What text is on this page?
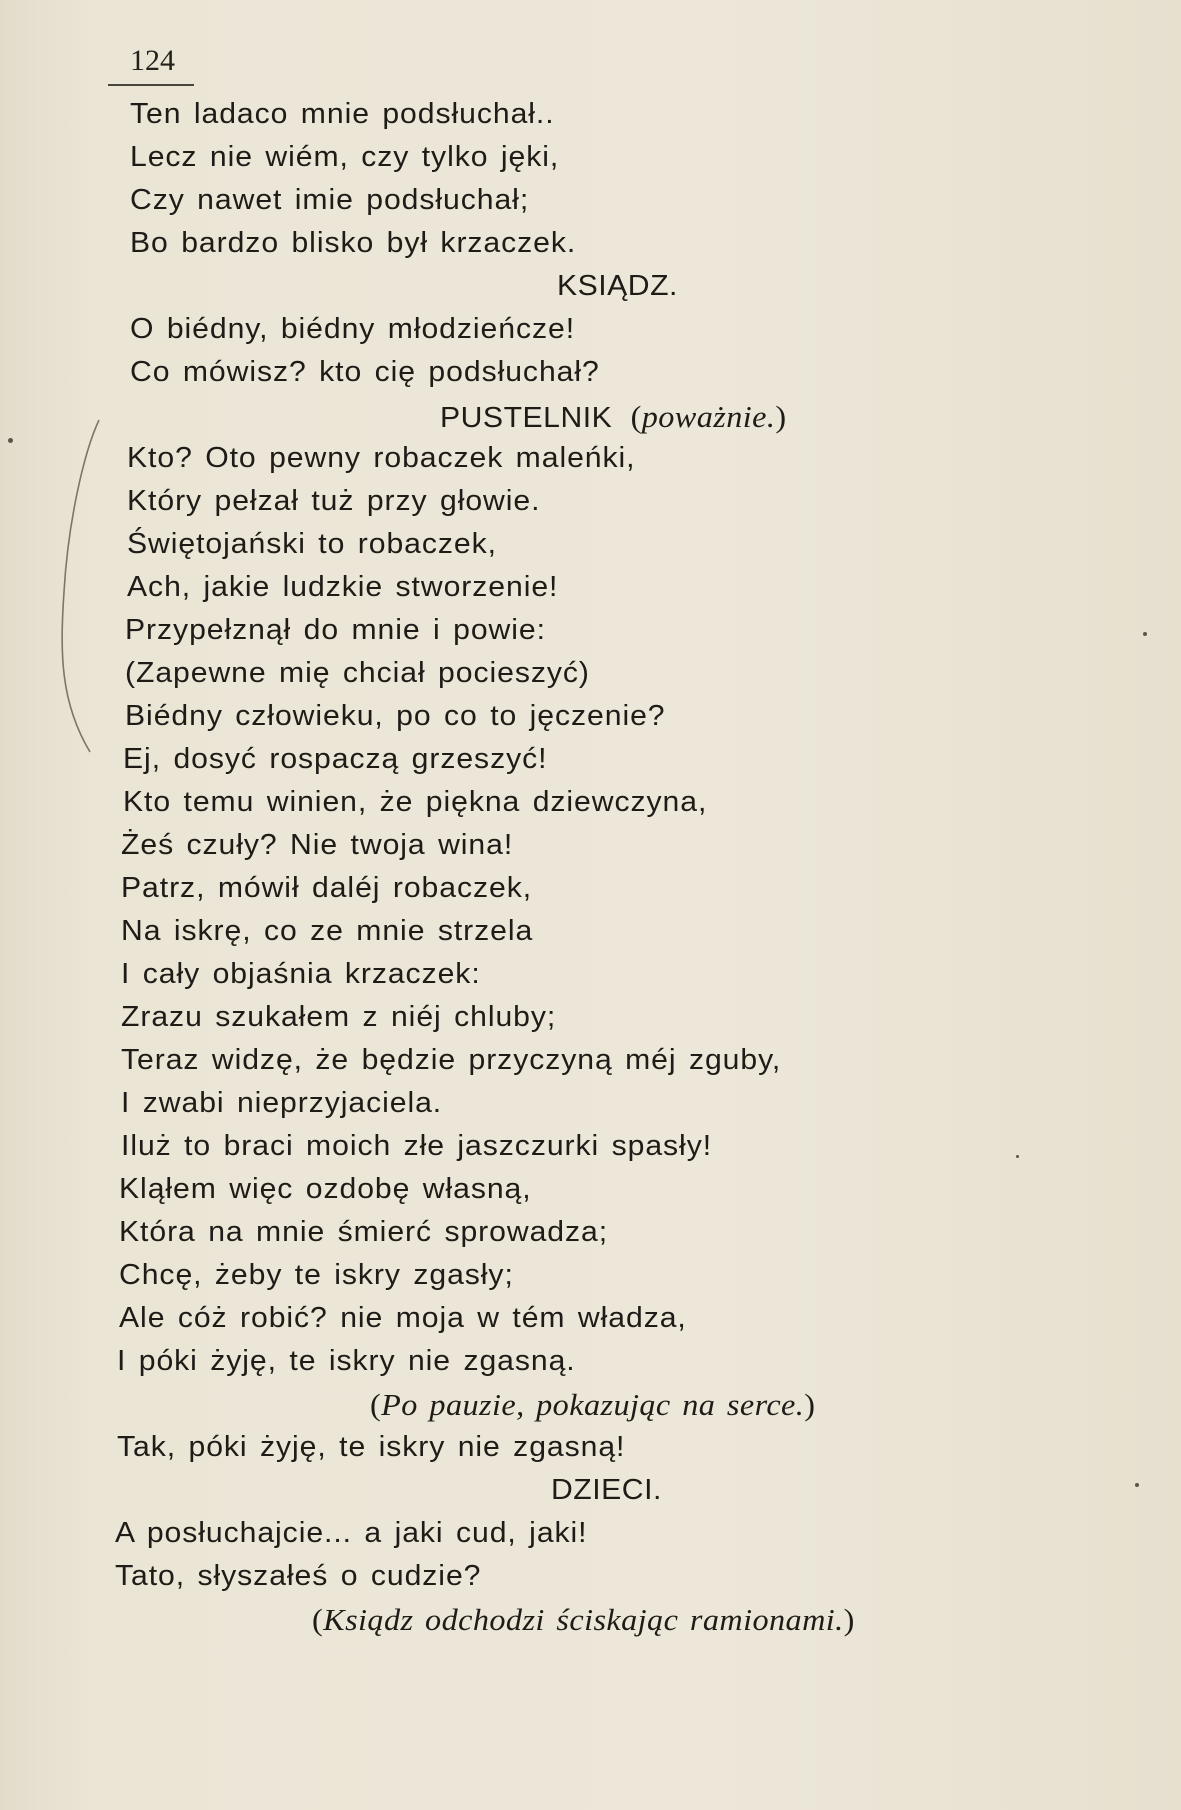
124
Ten ladaco mnie podsłuchał..
Lecz nie wiém, czy tylko jęki,
Czy nawet imie podsłuchał;
Bo bardzo blisko był krzaczek.
KSIĄDZ.
O biédny, biédny młodzieńcze!
Co mówisz? kto cię podsłuchał?
PUSTELNIK (poważnie.)
Kto? Oto pewny robaczek maleńki,
Który pełzał tuż przy głowie.
Świętojański to robaczek,
Ach, jakie ludzkie stworzenie!
Przypełznął do mnie i powie:
(Zapewne mię chciał pocieszyć)
Biédny człowieku, po co to jęczenie?
Ej, dosyć rospaczą grzeszyć!
Kto temu winien, że piękna dziewczyna,
Żeś czuły? Nie twoja wina!
Patrz, mówił daléj robaczek,
Na iskrę, co ze mnie strzela
I cały objaśnia krzaczek:
Zrazu szukałem z niéj chluby;
Teraz widzę, że będzie przyczyną méj zguby,
I zwabi nieprzyjaciela.
Iluż to braci moich złe jaszczurki spasły!
Kląłem więc ozdobę własną,
Która na mnie śmierć sprowadza;
Chcę, żeby te iskry zgasły;
Ale cóż robić? nie moja w tém władza,
I póki żyję, te iskry nie zgasną.
(Po pauzie, pokazując na serce.)
Tak, póki żyję, te iskry nie zgasną!
DZIECI.
A posłuchajcie... a jaki cud, jaki!
Tato, słyszałeś o cudzie?
(Ksiądz odchodzi ściskając ramionami.)
